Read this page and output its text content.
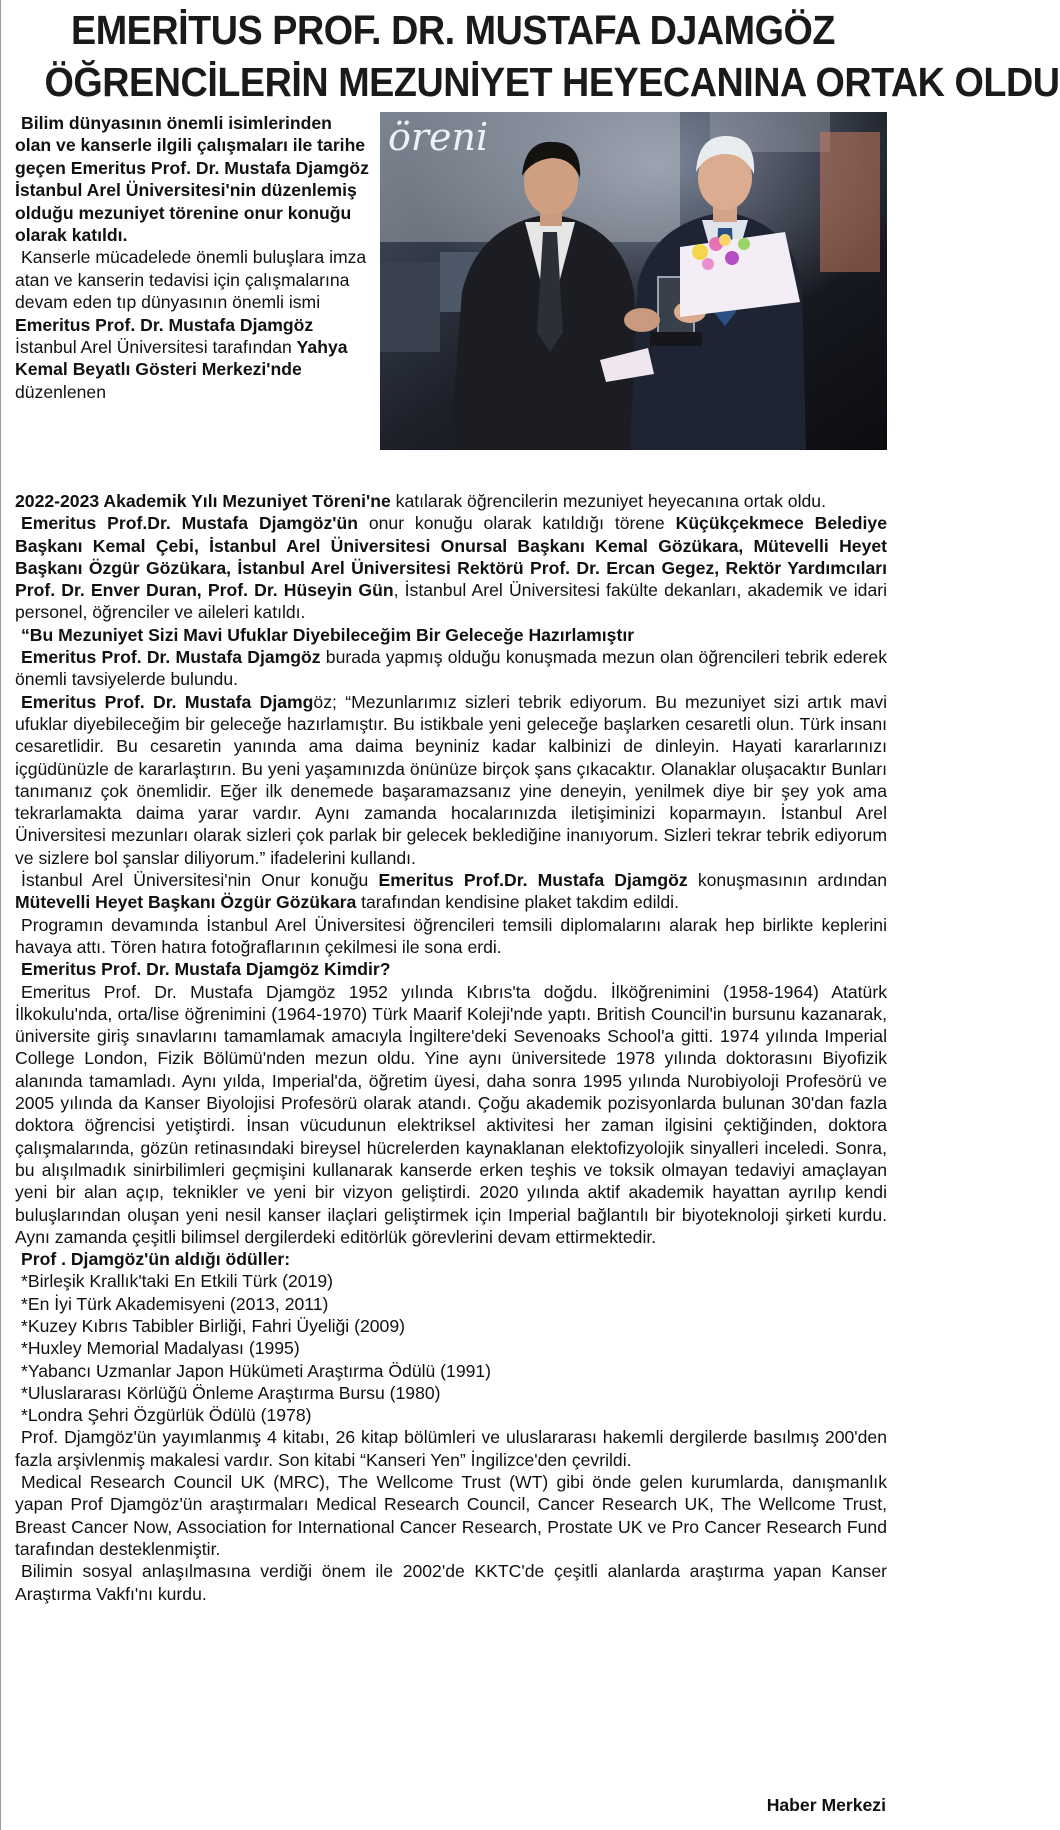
EMERİTUS PROF. DR. MUSTAFA DJAMGÖZ
ÖĞRENCİLERİN MEZUNİYET HEYECANINA ORTAK OLDU

Bilim dünyasının önemli isimlerinden olan ve kanserle ilgili çalışmaları ile tarihe geçen Emeritus Prof. Dr. Mustafa Djamgöz İstanbul Arel Üniversitesi'nin düzenlemiş olduğu mezuniyet törenine onur konuğu olarak katıldı.

Kanserle mücadelede önemli buluşlara imza atan ve kanserin tedavisi için çalışmalarına devam eden tıp dünyasının önemli ismi Emeritus Prof. Dr. Mustafa Djamgöz İstanbul Arel Üniversitesi tarafından Yahya Kemal Beyatlı Gösteri Merkezi'nde düzenlenen

öreni

2022-2023 Akademik Yılı Mezuniyet Töreni'ne katılarak öğrencilerin mezuniyet heyecanına ortak oldu.

Emeritus Prof.Dr. Mustafa Djamgöz'ün onur konuğu olarak katıldığı törene Küçükçekmece Belediye Başkanı Kemal Çebi, İstanbul Arel Üniversitesi Onursal Başkanı Kemal Gözükara, Mütevelli Heyet Başkanı Özgür Gözükara, İstanbul Arel Üniversitesi Rektörü Prof. Dr. Ercan Gegez, Rektör Yardımcıları Prof. Dr. Enver Duran, Prof. Dr. Hüseyin Gün, İstanbul Arel Üniversitesi fakülte dekanları, akademik ve idari personel, öğrenciler ve aileleri katıldı.

“Bu Mezuniyet Sizi Mavi Ufuklar Diyebileceğim Bir Geleceğe Hazırlamıştır

Emeritus Prof. Dr. Mustafa Djamgöz burada yapmış olduğu konuşmada mezun olan öğrencileri tebrik ederek önemli tavsiyelerde bulundu.

Emeritus Prof. Dr. Mustafa Djamgöz; “Mezunlarımız sizleri tebrik ediyorum. Bu mezuniyet sizi artık mavi ufuklar diyebileceğim bir geleceğe hazırlamıştır. Bu istikbale yeni geleceğe başlarken cesaretli olun. Türk insanı cesaretlidir. Bu cesaretin yanında ama daima beyniniz kadar kalbinizi de dinleyin. Hayati kararlarınızı içgüdünüzle de kararlaştırın. Bu yeni yaşamınızda önünüze birçok şans çıkacaktır. Olanaklar oluşacaktır Bunları tanımanız çok önemlidir. Eğer ilk denemede başaramazsanız yine deneyin, yenilmek diye bir şey yok ama tekrarlamakta daima yarar vardır. Aynı zamanda hocalarınızda iletişiminizi koparmayın. İstanbul Arel Üniversitesi mezunları olarak sizleri çok parlak bir gelecek beklediğine inanıyorum. Sizleri tekrar tebrik ediyorum ve sizlere bol şanslar diliyorum.” ifadelerini kullandı.

İstanbul Arel Üniversitesi'nin Onur konuğu Emeritus Prof.Dr. Mustafa Djamgöz konuşmasının ardından Mütevelli Heyet Başkanı Özgür Gözükara tarafından kendisine plaket takdim edildi.

Programın devamında İstanbul Arel Üniversitesi öğrencileri temsili diplomalarını alarak hep birlikte keplerini havaya attı. Tören hatıra fotoğraflarının çekilmesi ile sona erdi.

Emeritus Prof. Dr. Mustafa Djamgöz Kimdir?

Emeritus Prof. Dr. Mustafa Djamgöz 1952 yılında Kıbrıs'ta doğdu. İlköğrenimini (1958-1964) Atatürk İlkokulu'nda, orta/lise öğrenimini (1964-1970) Türk Maarif Koleji'nde yaptı. British Council'in bursunu kazanarak, üniversite giriş sınavlarını tamamlamak amacıyla İngiltere'deki Sevenoaks School'a gitti. 1974 yılında Imperial College London, Fizik Bölümü'nden mezun oldu. Yine aynı üniversitede 1978 yılında doktorasını Biyofizik alanında tamamladı. Aynı yılda, Imperial'da, öğretim üyesi, daha sonra 1995 yılında Nurobiyoloji Profesörü ve 2005 yılında da Kanser Biyolojisi Profesörü olarak atandı. Çoğu akademik pozisyonlarda bulunan 30'dan fazla doktora öğrencisi yetiştirdi. İnsan vücudunun elektriksel aktivitesi her zaman ilgisini çektiğinden, doktora çalışmalarında, gözün retinasındaki bireysel hücrelerden kaynaklanan elektofizyolojik sinyalleri inceledi. Sonra, bu alışılmadık sinirbilimleri geçmişini kullanarak kanserde erken teşhis ve toksik olmayan tedaviyi amaçlayan yeni bir alan açıp, teknikler ve yeni bir vizyon geliştirdi. 2020 yılında aktif akademik hayattan ayrılıp kendi buluşlarından oluşan yeni nesil kanser ilaçlari geliştirmek için Imperial bağlantılı bir biyoteknoloji şirketi kurdu. Aynı zamanda çeşitli bilimsel dergilerdeki editörlük görevlerini devam ettirmektedir.

Prof . Djamgöz'ün aldığı ödüller:

*Birleşik Krallık'taki En Etkili Türk (2019)

*En İyi Türk Akademisyeni (2013, 2011)

*Kuzey Kıbrıs Tabibler Birliği, Fahri Üyeliği (2009)

*Huxley Memorial Madalyası (1995)

*Yabancı Uzmanlar Japon Hükümeti Araştırma Ödülü (1991)

*Uluslararası Körlüğü Önleme Araştırma Bursu (1980)

*Londra Şehri Özgürlük Ödülü (1978)

Prof. Djamgöz'ün yayımlanmış 4 kitabı, 26 kitap bölümleri ve uluslararası hakemli dergilerde basılmış 200'den fazla arşivlenmiş makalesi vardır. Son kitabi “Kanseri Yen” İngilizce'den çevrildi.

Medical Research Council UK (MRC), The Wellcome Trust (WT) gibi önde gelen kurumlarda, danışmanlık yapan Prof Djamgöz'ün araştırmaları Medical Research Council, Cancer Research UK, The Wellcome Trust, Breast Cancer Now, Association for International Cancer Research, Prostate UK ve Pro Cancer Research Fund tarafından desteklenmiştir.

Bilimin sosyal anlaşılmasına verdiği önem ile 2002'de KKTC'de çeşitli alanlarda araştırma yapan Kanser Araştırma Vakfı'nı kurdu.

Haber Merkezi
